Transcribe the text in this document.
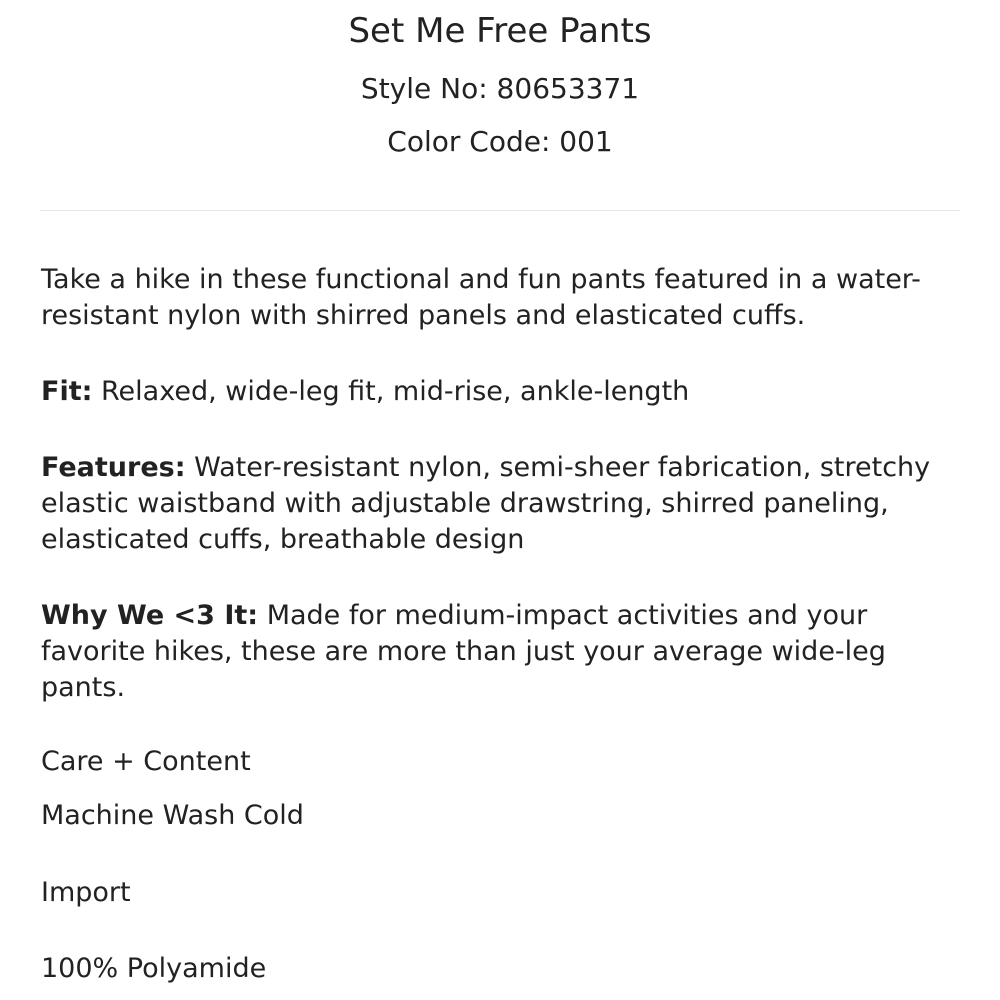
Set Me Free Pants
Style No: 80653371
Color Code: 001

Take a hike in these functional and fun pants featured in a water-resistant nylon with shirred panels and elasticated cuffs.

Fit: Relaxed, wide-leg fit, mid-rise, ankle-length

Features: Water-resistant nylon, semi-sheer fabrication, stretchy elastic waistband with adjustable drawstring, shirred paneling, elasticated cuffs, breathable design

Why We <3 It: Made for medium-impact activities and your favorite hikes, these are more than just your average wide-leg pants.

Care + Content
Machine Wash Cold
Import
100% Polyamide
